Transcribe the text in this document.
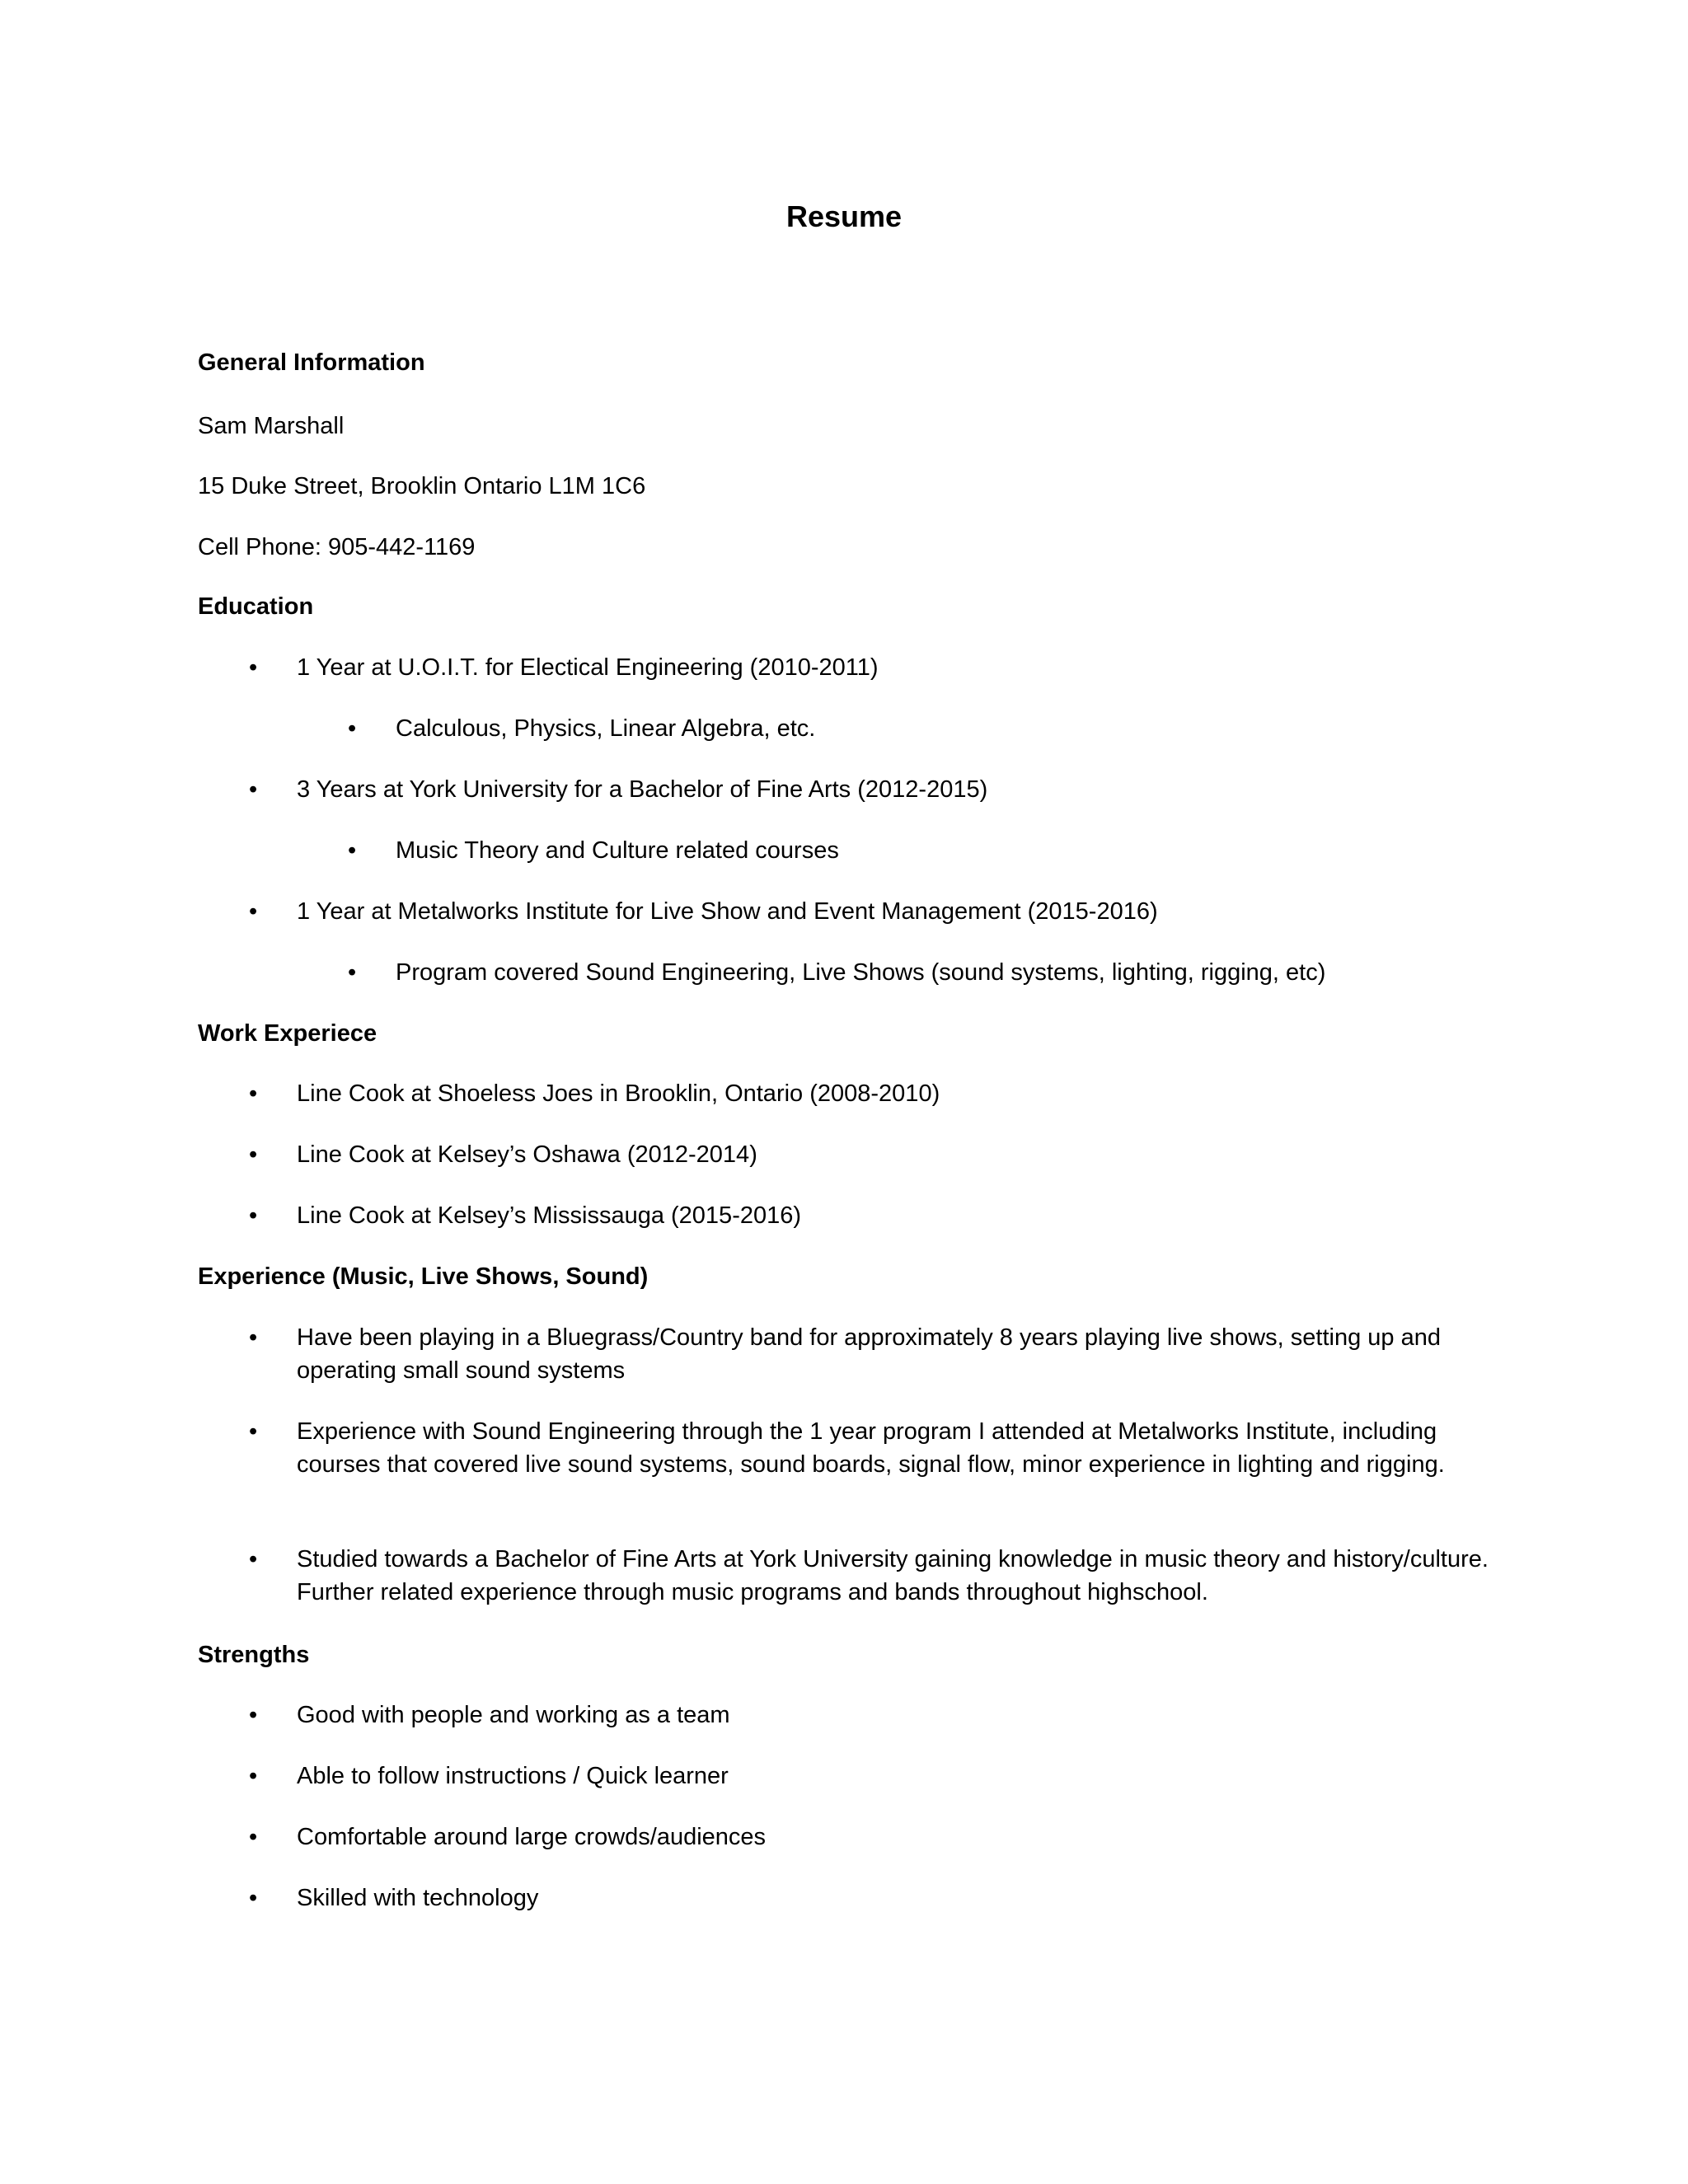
Resume
General Information
Sam Marshall
15 Duke Street, Brooklin Ontario L1M 1C6
Cell Phone: 905-442-1169
Education
• 1 Year at U.O.I.T. for Electical Engineering (2010-2011)
• Calculous, Physics, Linear Algebra, etc.
• 3 Years at York University for a Bachelor of Fine Arts (2012-2015)
• Music Theory and Culture related courses
• 1 Year at Metalworks Institute for Live Show and Event Management (2015-2016)
• Program covered Sound Engineering, Live Shows (sound systems, lighting, rigging, etc)
Work Experiece
• Line Cook at Shoeless Joes in Brooklin, Ontario (2008-2010)
• Line Cook at Kelsey’s Oshawa (2012-2014)
• Line Cook at Kelsey’s Mississauga (2015-2016)
Experience (Music, Live Shows, Sound)
• Have been playing in a Bluegrass/Country band for approximately 8 years playing live shows, setting up and operating small sound systems
• Experience with Sound Engineering through the 1 year program I attended at Metalworks Institute, including courses that covered live sound systems, sound boards, signal flow, minor experience in lighting and rigging.
• Studied towards a Bachelor of Fine Arts at York University gaining knowledge in music theory and history/culture. Further related experience through music programs and bands throughout highschool.
Strengths
• Good with people and working as a team
• Able to follow instructions / Quick learner
• Comfortable around large crowds/audiences
• Skilled with technology
